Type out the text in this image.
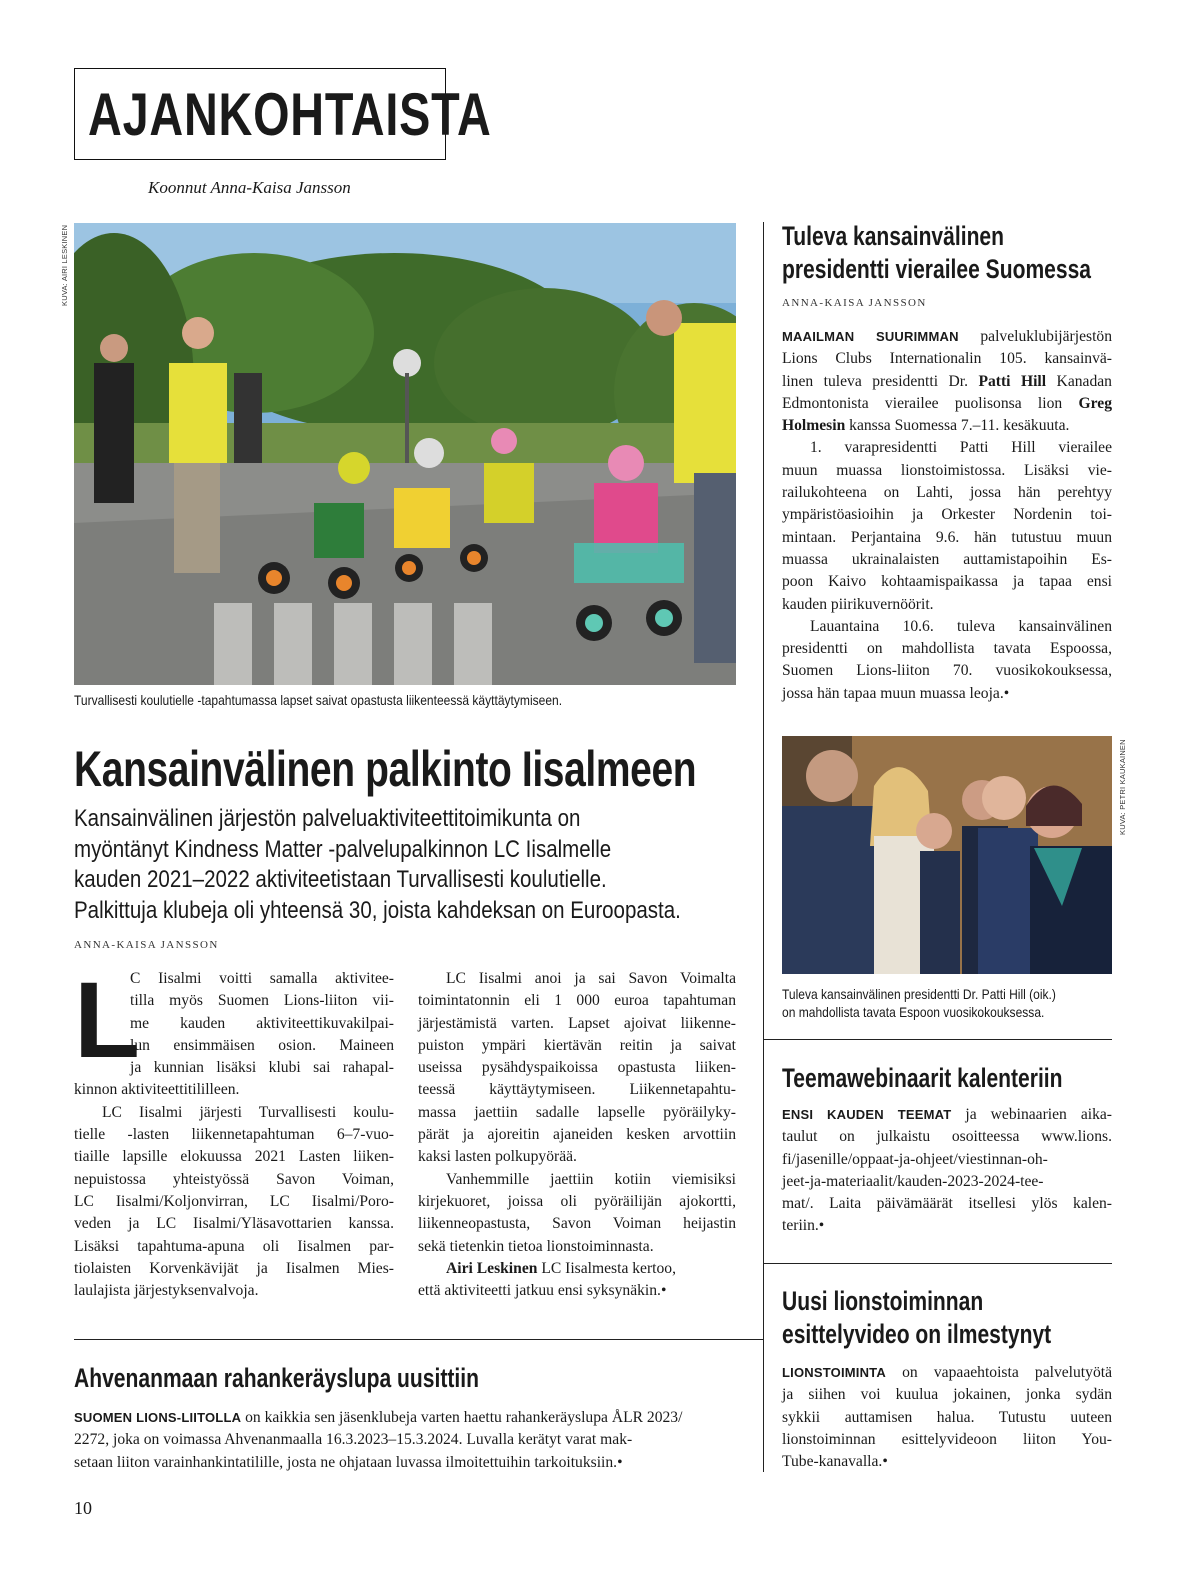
AJANKOHTAISTA
Koonnut Anna-Kaisa Jansson
KUVA: AIRI LESKINEN
Turvallisesti koulutielle -tapahtumassa lapset saivat opastusta liikenteessä käyttäytymiseen.
Kansainvälinen palkinto Iisalmeen
Kansainvälinen järjestön palveluaktiviteettitoimikunta on
myöntänyt Kindness Matter -palvelupalkinnon LC Iisalmelle
kauden 2021–2022 aktiviteetistaan Turvallisesti koulutielle.
Palkittuja klubeja oli yhteensä 30, joista kahdeksan on Euroopasta.
ANNA-KAISA JANSSON
L
C Iisalmi voitti samalla aktivitee-
tilla myös Suomen Lions-liiton vii-
me kauden aktiviteettikuvakilpai-
lun ensimmäisen osion. Maineen
ja kunnian lisäksi klubi sai rahapal-
kinnon aktiviteettitililleen.
LC Iisalmi järjesti Turvallisesti koulu-
tielle -lasten liikennetapahtuman 6–7-vuo-
tiaille lapsille elokuussa 2021 Lasten liiken-
nepuistossa yhteistyössä Savon Voiman,
LC Iisalmi/Koljonvirran, LC Iisalmi/Poro-
veden ja LC Iisalmi/Yläsavottarien kanssa.
Lisäksi tapahtuma-apuna oli Iisalmen par-
tiolaisten Korvenkävijät ja Iisalmen Mies-
laulajista järjestyksenvalvoja.
LC Iisalmi anoi ja sai Savon Voimalta
toimintatonnin eli 1 000 euroa tapahtuman
järjestämistä varten. Lapset ajoivat liikenne-
puiston ympäri kiertävän reitin ja saivat
useissa pysähdyspaikoissa opastusta liiken-
teessä käyttäytymiseen. Liikennetapahtu-
massa jaettiin sadalle lapselle pyöräilyky-
pärät ja ajoreitin ajaneiden kesken arvottiin
kaksi lasten polkupyörää.
Vanhemmille jaettiin kotiin viemisiksi
kirjekuoret, joissa oli pyöräilijän ajokortti,
liikenneopastusta, Savon Voiman heijastin
sekä tietenkin tietoa lionstoiminnasta.
Airi Leskinen LC Iisalmesta kertoo,
että aktiviteetti jatkuu ensi syksynäkin.•
Ahvenanmaan rahankeräyslupa uusittiin
SUOMEN LIONS-LIITOLLA on kaikkia sen jäsenklubeja varten haettu rahankeräyslupa ÅLR 2023/
2272, joka on voimassa Ahvenanmaalla 16.3.2023–15.3.2024. Luvalla kerätyt varat mak-
setaan liiton varainhankintatilille, josta ne ohjataan luvassa ilmoitettuihin tarkoituksiin.•
10
Tuleva kansainvälinen
presidentti vierailee Suomessa
ANNA-KAISA JANSSON
MAAILMAN SUURIMMAN palveluklubijärjestön
Lions Clubs Internationalin 105. kansainvä-
linen tuleva presidentti Dr. Patti Hill Kanadan
Edmontonista vierailee puolisonsa lion Greg
Holmesin kanssa Suomessa 7.–11. kesäkuuta.
1. varapresidentti Patti Hill vierailee
muun muassa lionstoimistossa. Lisäksi vie-
railukohteena on Lahti, jossa hän perehtyy
ympäristöasioihin ja Orkester Nordenin toi-
mintaan. Perjantaina 9.6. hän tutustuu muun
muassa ukrainalaisten auttamistapoihin Es-
poon Kaivo kohtaamispaikassa ja tapaa ensi
kauden piirikuvernöörit.
Lauantaina 10.6. tuleva kansainvälinen
presidentti on mahdollista tavata Espoossa,
Suomen Lions-liiton 70. vuosikokouksessa,
jossa hän tapaa muun muassa leoja.•
KUVA: PETRI KAUKAINEN
Tuleva kansainvälinen presidentti Dr. Patti Hill (oik.)
on mahdollista tavata Espoon vuosikokouksessa.
Teemawebinaarit kalenteriin
ENSI KAUDEN TEEMAT ja webinaarien aika-
taulut on julkaistu osoitteessa www.lions.
fi/jasenille/oppaat-ja-ohjeet/viestinnan-oh-
jeet-ja-materiaalit/kauden-2023-2024-tee-
mat/. Laita päivämäärät itsellesi ylös kalen-
teriin.•
Uusi lionstoiminnan
esittelyvideo on ilmestynyt
LIONSTOIMINTA on vapaaehtoista palvelutyötä
ja siihen voi kuulua jokainen, jonka sydän
sykkii auttamisen halua. Tutustu uuteen
lionstoiminnan esittelyvideoon liiton You-
Tube-kanavalla.•
